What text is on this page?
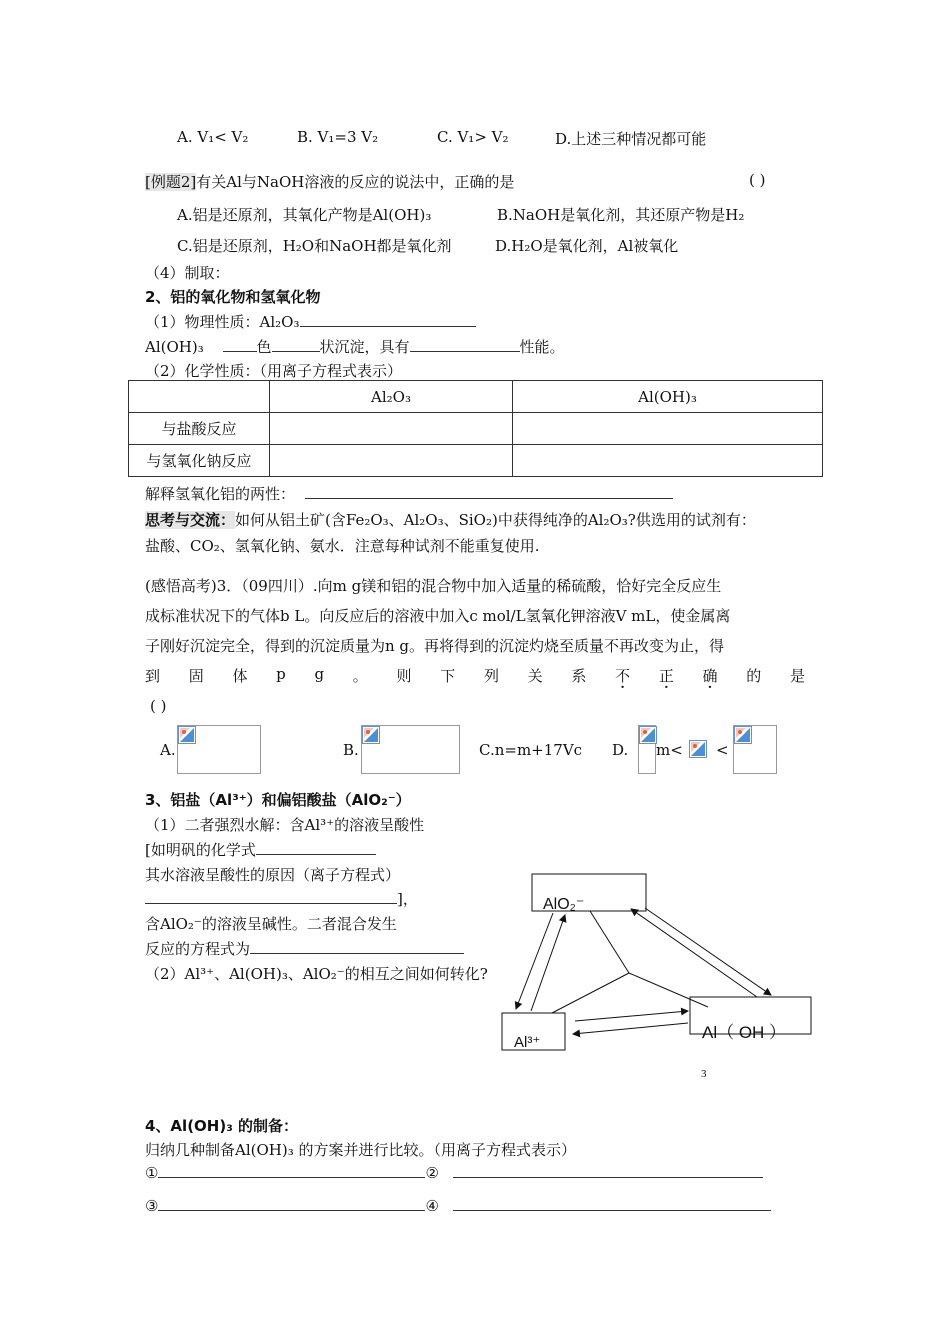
A. V₁< V₂	B. V₁=3 V₂	C. V₁> V₂	D.上述三种情况都可能
[例题2]有关Al与NaOH溶液的反应的说法中，正确的是	( )
A.铝是还原剂，其氧化产物是Al(OH)₃	B.NaOH是氧化剂，其还原产物是H₂
C.铝是还原剂，H₂O和NaOH都是氧化剂	D.H₂O是氧化剂，Al被氧化
（4）制取：
2、铝的氧化物和氢氧化物
（1）物理性质：Al₂O₃
Al(OH)₃	色	状沉淀，具有	性能。
（2）化学性质：（用离子方程式表示）
	Al₂O₃	Al(OH)₃
与盐酸反应		
与氢氧化钠反应		
解释氢氧化铝的两性：
思考与交流：如何从铝土矿(含Fe₂O₃、Al₂O₃、SiO₂)中获得纯净的Al₂O₃?供选用的试剂有：
盐酸、CO₂、氢氧化钠、氨水．注意每种试剂不能重复使用.
(感悟高考)3．（09四川）.向m g镁和铝的混合物中加入适量的稀硫酸，恰好完全反应生
成标准状况下的气体b L。向反应后的溶液中加入c mol/L氢氧化钾溶液V mL，使金属离
子刚好沉淀完全，得到的沉淀质量为n g。再将得到的沉淀灼烧至质量不再改变为止，得
到 固 体 p g 。 则 下 列 关 系 不 · 正 · 确 · 的 是
( )
A.	B.	C.n=m+17Vc D. m< <
3、铝盐（Al³⁺）和偏铝酸盐（AlO₂⁻）
（1）二者强烈水解：含Al³⁺的溶液呈酸性
[如明矾的化学式
其水溶液呈酸性的原因（离子方程式）
]，
含AlO₂⁻的溶液呈碱性。二者混合发生
反应的方程式为
（2）Al³⁺、Al(OH)₃、AlO₂⁻的相互之间如何转化?
AlO₂⁻
Al³⁺
Al（ OH ）
3
4、Al(OH)₃ 的制备：
归纳几种制备Al(OH)₃ 的方案并进行比较。（用离子方程式表示）
①	②
③	④
